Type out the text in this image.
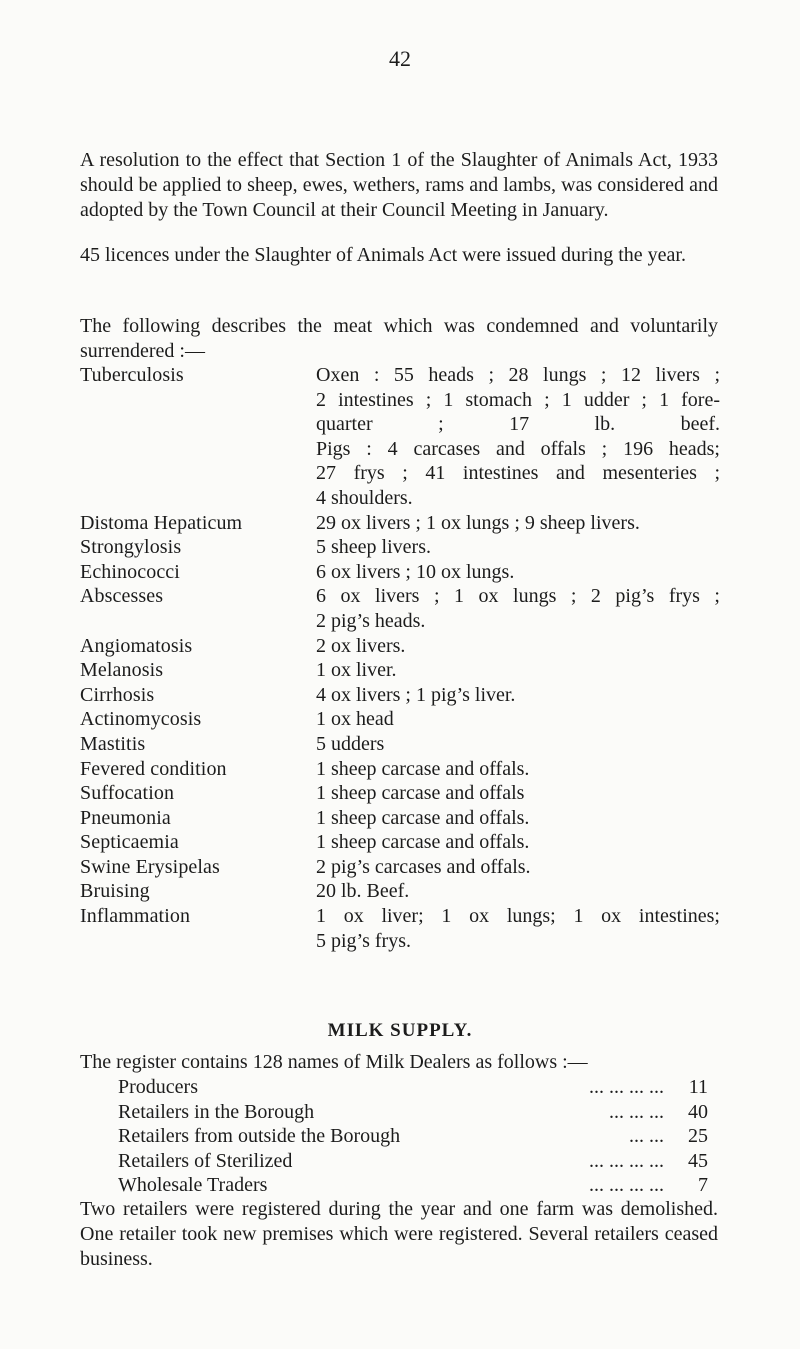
42

A resolution to the effect that Section 1 of the Slaughter of Animals Act, 1933 should be applied to sheep, ewes, wethers, rams and lambs, was considered and adopted by the Town Council at their Council Meeting in January.

45 licences under the Slaughter of Animals Act were issued during the year.

The following describes the meat which was condemned and voluntarily surrendered :—

Tuberculosis	Oxen : 55 heads ; 28 lungs ; 12 livers ;
2 intestines ; 1 stomach ; 1 udder ; 1 fore-
quarter ; 17 lb. beef.
Pigs : 4 carcases and offals ; 196 heads;
27 frys ; 41 intestines and mesenteries ;
4 shoulders.
Distoma Hepaticum	29 ox livers ; 1 ox lungs ; 9 sheep livers.
Strongylosis	5 sheep livers.
Echinococci	6 ox livers ; 10 ox lungs.
Abscesses	6 ox livers ; 1 ox lungs ; 2 pig’s frys ;
2 pig’s heads.
Angiomatosis	2 ox livers.
Melanosis	1 ox liver.
Cirrhosis	4 ox livers ; 1 pig’s liver.
Actinomycosis	1 ox head
Mastitis	5 udders
Fevered condition	1 sheep carcase and offals.
Suffocation	1 sheep carcase and offals
Pneumonia	1 sheep carcase and offals.
Septicaemia	1 sheep carcase and offals.
Swine Erysipelas	2 pig’s carcases and offals.
Bruising	20 lb. Beef.
Inflammation	1 ox liver; 1 ox lungs; 1 ox intestines;
5 pig’s frys.
MILK SUPPLY.

The register contains 128 names of Milk Dealers as follows :—

Producers	... ... ... ...	11
Retailers in the Borough	... ... ...	40
Retailers from outside the Borough	... ...	25
Retailers of Sterilized	... ... ... ...	45
Wholesale Traders	... ... ... ...	7

Two retailers were registered during the year and one farm was demolished. One retailer took new premises which were registered. Several retailers ceased business.
